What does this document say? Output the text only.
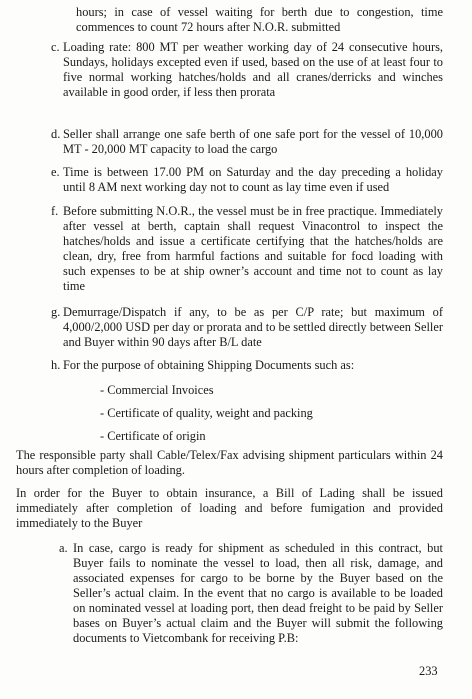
hours; in case of vessel waiting for berth due to congestion, time commences to count 72 hours after N.O.R. submitted
c. Loading rate: 800 MT per weather working day of 24 consecutive hours, Sundays, holidays excepted even if used, based on the use of at least four to five normal working hatches/holds and all cranes/derricks and winches available in good order, if less then prorata
d. Seller shall arrange one safe berth of one safe port for the vessel of 10,000 MT - 20,000 MT capacity to load the cargo
e. Time is between 17.00 PM on Saturday and the day preceding a holiday until 8 AM next working day not to count as lay time even if used
f. Before submitting N.O.R., the vessel must be in free practique. Immediately after vessel at berth, captain shall request Vinacontrol to inspect the hatches/holds and issue a certificate certifying that the hatches/holds are clean, dry, free from harmful factions and suitable for focd loading with such expenses to be at ship owner’s account and time not to count as lay time
g. Demurrage/Dispatch if any, to be as per C/P rate; but maximum of 4,000/2,000 USD per day or prorata and to be settled directly between Seller and Buyer within 90 days after B/L date
h. For the purpose of obtaining Shipping Documents such as:
- Commercial Invoices
- Certificate of quality, weight and packing
- Certificate of origin
The responsible party shall Cable/Telex/Fax advising shipment particulars within 24 hours after completion of loading.
In order for the Buyer to obtain insurance, a Bill of Lading shall be issued immediately after completion of loading and before fumigation and provided immediately to the Buyer
a. In case, cargo is ready for shipment as scheduled in this contract, but Buyer fails to nominate the vessel to load, then all risk, damage, and associated expenses for cargo to be borne by the Buyer based on the Seller’s actual claim. In the event that no cargo is available to be loaded on nominated vessel at loading port, then dead freight to be paid by Seller bases on Buyer’s actual claim and the Buyer will submit the following documents to Vietcombank for receiving P.B:
233
